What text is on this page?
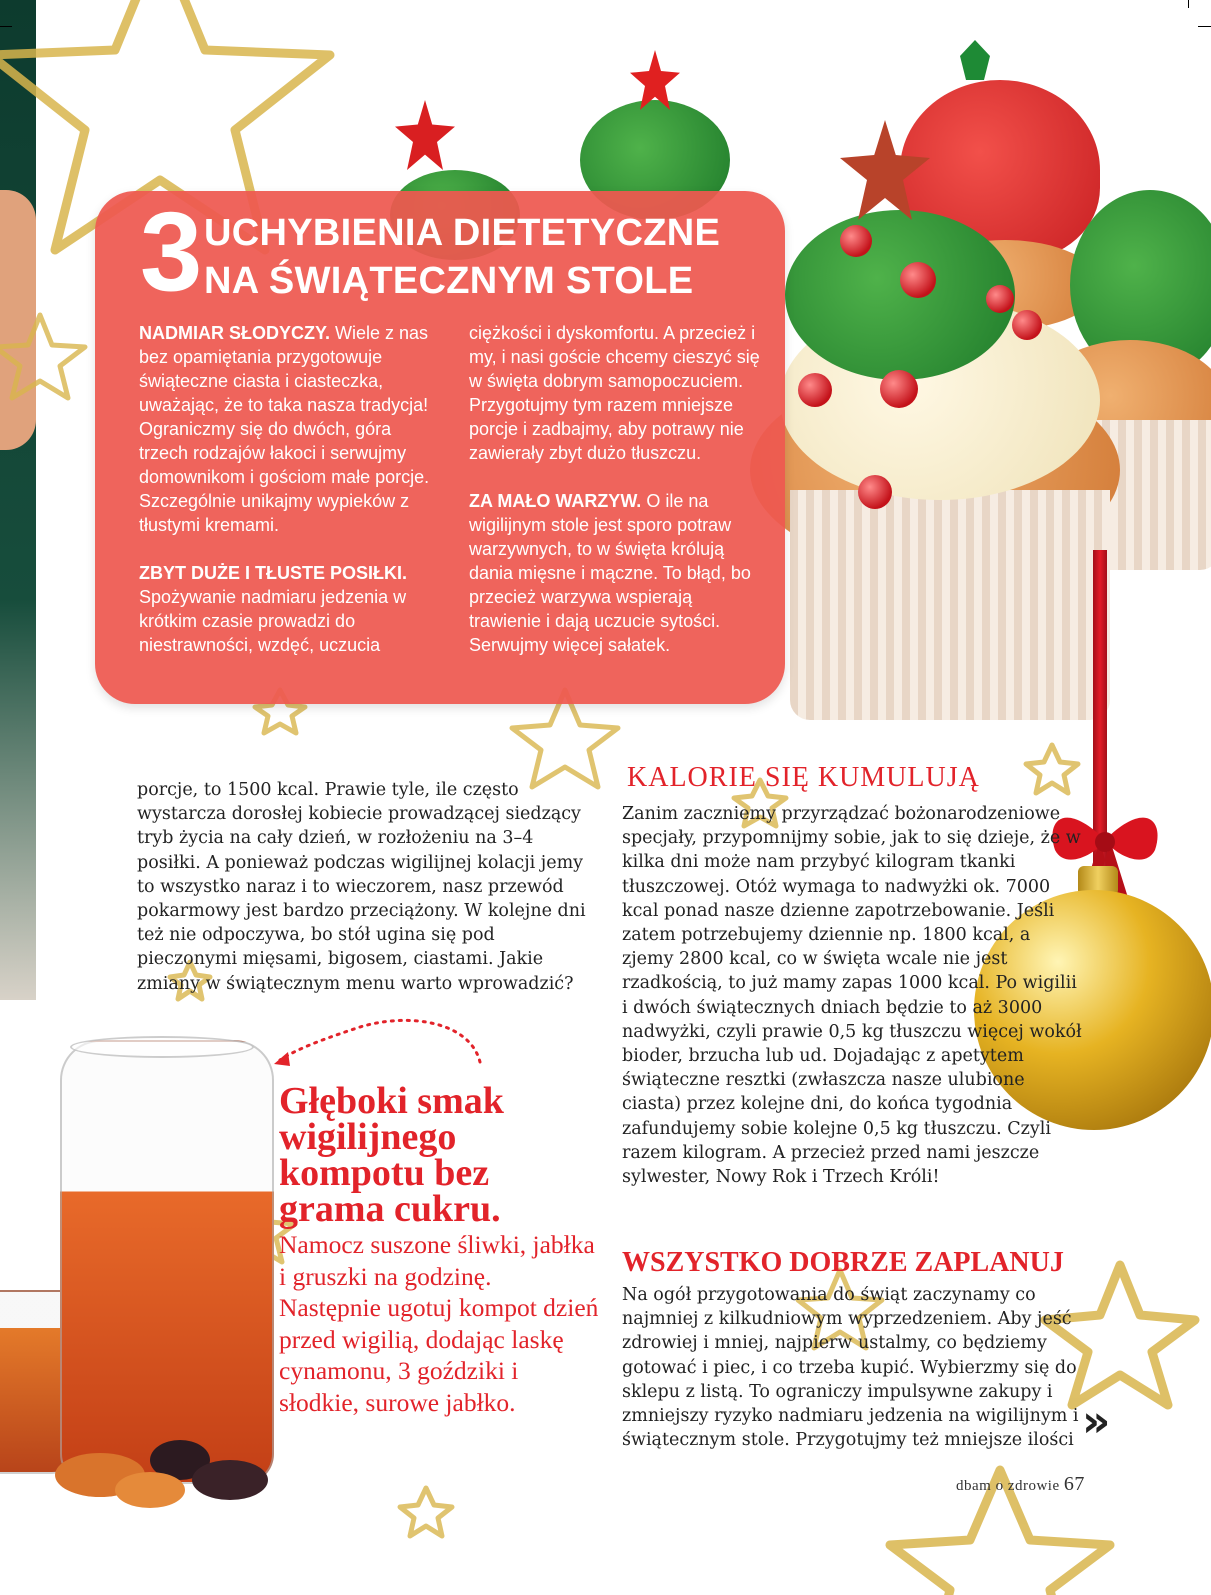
3 UCHYBIENIA DIETETYCZNE
NA ŚWIĄTECZNYM STOLE

NADMIAR SŁODYCZY. Wiele z nas bez opamiętania przygotowuje świąteczne ciasta i ciasteczka, uważając, że to taka nasza tradycja! Ograniczmy się do dwóch, góra trzech rodzajów łakoci i serwujmy domownikom i gościom małe porcje. Szczególnie unikajmy wypieków z tłustymi kremami.

ZBYT DUŻE I TŁUSTE POSIŁKI. Spożywanie nadmiaru jedzenia w krótkim czasie prowadzi do niestrawności, wzdęć, uczucia

ciężkości i dyskomfortu. A przecież i my, i nasi goście chcemy cieszyć się w święta dobrym samopoczuciem. Przygotujmy tym razem mniejsze porcje i zadbajmy, aby potrawy nie zawierały zbyt dużo tłuszczu.

ZA MAŁO WARZYW. O ile na wigilijnym stole jest sporo potraw warzywnych, to w święta królują dania mięsne i mączne. To błąd, bo przecież warzywa wspierają trawienie i dają uczucie sytości. Serwujmy więcej sałatek.

porcje, to 1500 kcal. Prawie tyle, ile często wystarcza dorosłej kobiecie prowadzącej siedzący tryb życia na cały dzień, w rozłożeniu na 3–4 posiłki. A ponieważ podczas wigilijnej kolacji jemy to wszystko naraz i to wieczorem, nasz przewód pokarmowy jest bardzo przeciążony. W kolejne dni też nie odpoczywa, bo stół ugina się pod pieczonymi mięsami, bigosem, ciastami. Jakie zmiany w świątecznym menu warto wprowadzić?
KALORIE SIĘ KUMULUJĄ
Zanim zaczniemy przyrządzać bożonarodzeniowe specjały, przypomnijmy sobie, jak to się dzieje, że w kilka dni może nam przybyć kilogram tkanki tłuszczowej. Otóż wymaga to nadwyżki ok. 7000 kcal ponad nasze dzienne zapotrzebowanie. Jeśli zatem potrzebujemy dziennie np. 1800 kcal, a zjemy 2800 kcal, co w święta wcale nie jest rzadkością, to już mamy zapas 1000 kcal. Po wigilii i dwóch świątecznych dniach będzie to aż 3000 nadwyżki, czyli prawie 0,5 kg tłuszczu więcej wokół bioder, brzucha lub ud. Dojadając z apetytem świąteczne resztki (zwłaszcza nasze ulubione ciasta) przez kolejne dni, do końca tygodnia zafundujemy sobie kolejne 0,5 kg tłuszczu. Czyli razem kilogram. A przecież przed nami jeszcze sylwester, Nowy Rok i Trzech Króli!
WSZYSTKO DOBRZE ZAPLANUJ
Na ogół przygotowania do świąt zaczynamy co najmniej z kilkudniowym wyprzedzeniem. Aby jeść zdrowiej i mniej, najpierw ustalmy, co będziemy gotować i piec, i co trzeba kupić. Wybierzmy się do sklepu z listą. To ograniczy impulsywne zakupy i zmniejszy ryzyko nadmiaru jedzenia na wigilijnym i świątecznym stole. Przygotujmy też mniejsze ilości
Głęboki smak wigilijnego kompotu bez grama cukru.
Namocz suszone śliwki, jabłka i gruszki na godzinę. Następnie ugotuj kompot dzień przed wigilią, dodając laskę cynamonu, 3 goździki i słodkie, surowe jabłko.	»
dbam o zdrowie 67
